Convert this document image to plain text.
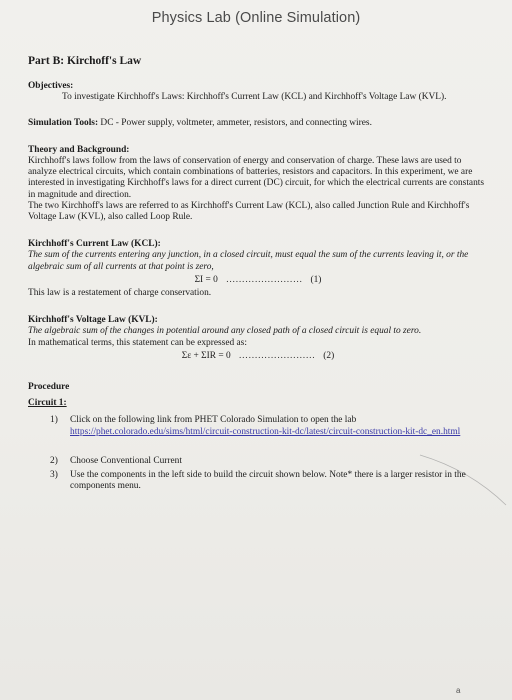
Physics Lab (Online Simulation)
Part B: Kirchoff's Law
Objectives:
To investigate Kirchhoff's Laws: Kirchhoff's Current Law (KCL) and Kirchhoff's Voltage Law (KVL).
Simulation Tools: DC - Power supply, voltmeter, ammeter, resistors, and connecting wires.
Theory and Background:
Kirchhoff's laws follow from the laws of conservation of energy and conservation of charge. These laws are used to analyze electrical circuits, which contain combinations of batteries, resistors and capacitors. In this experiment, we are interested in investigating Kirchhoff's laws for a direct current (DC) circuit, for which the electrical currents are constants in magnitude and direction.
The two Kirchhoff's laws are referred to as Kirchhoff's Current Law (KCL), also called Junction Rule and Kirchhoff's Voltage Law (KVL), also called Loop Rule.
Kirchhoff's Current Law (KCL):
The sum of the currents entering any junction, in a closed circuit, must equal the sum of the currents leaving it, or the algebraic sum of all currents at that point is zero,
ΣI = 0 …………………… (1)
This law is a restatement of charge conservation.
Kirchhoff's Voltage Law (KVL):
The algebraic sum of the changes in potential around any closed path of a closed circuit is equal to zero.
In mathematical terms, this statement can be expressed as:
Σε + ΣIR = 0 …………………… (2)
Procedure
Circuit 1:
1)	Click on the following link from PHET Colorado Simulation to open the lab
https://phet.colorado.edu/sims/html/circuit-construction-kit-dc/latest/circuit-construction-kit-dc_en.html
2)	Choose Conventional Current
3)	Use the components in the left side to build the circuit shown below. Note* there is a larger resistor in the components menu.
a
